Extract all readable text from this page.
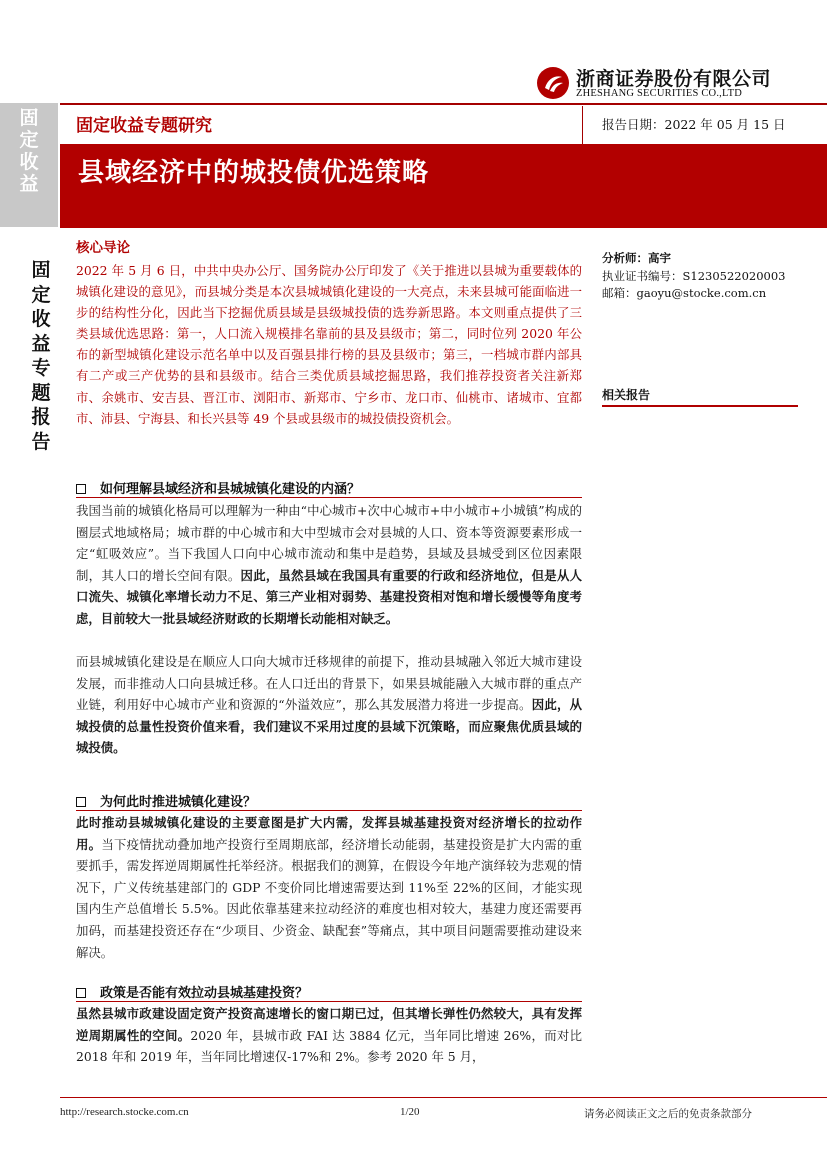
浙商证券股份有限公司
ZHESHANG SECURITIES CO.,LTD
固
定
收
益
固定收益专题研究	报告日期：2022 年 05 月 15 日
县域经济中的城投债优选策略
固
定
收
益
专
题
报
告
核心导论
2022 年 5 月 6 日，中共中央办公厅、国务院办公厅印发了《关于推进以县城为重要载体的城镇化建设的意见》，而县城分类是本次县城城镇化建设的一大亮点，未来县城可能面临进一步的结构性分化，因此当下挖掘优质县域是县级城投债的选券新思路。本文则重点提供了三类县域优选思路：第一，人口流入规模排名靠前的县及县级市；第二，同时位列 2020 年公布的新型城镇化建设示范名单中以及百强县排行榜的县及县级市；第三，一档城市群内部具有二产或三产优势的县和县级市。结合三类优质县域挖掘思路，我们推荐投资者关注新郑市、余姚市、安吉县、晋江市、浏阳市、新郑市、宁乡市、龙口市、仙桃市、诸城市、宜都市、沛县、宁海县、和长兴县等 49 个县或县级市的城投债投资机会。
如何理解县域经济和县城城镇化建设的内涵？
我国当前的城镇化格局可以理解为一种由“中心城市+次中心城市+中小城市+小城镇”构成的圈层式地域格局；城市群的中心城市和大中型城市会对县城的人口、资本等资源要素形成一定“虹吸效应”。当下我国人口向中心城市流动和集中是趋势，县域及县城受到区位因素限制，其人口的增长空间有限。因此，虽然县域在我国具有重要的行政和经济地位，但是从人口流失、城镇化率增长动力不足、第三产业相对弱势、基建投资相对饱和增长缓慢等角度考虑，目前较大一批县域经济财政的长期增长动能相对缺乏。
而县城城镇化建设是在顺应人口向大城市迁移规律的前提下，推动县城融入邻近大城市建设发展，而非推动人口向县城迁移。在人口迁出的背景下，如果县城能融入大城市群的重点产业链，利用好中心城市产业和资源的“外溢效应”，那么其发展潜力将进一步提高。因此，从城投债的总量性投资价值来看，我们建议不采用过度的县域下沉策略，而应聚焦优质县域的城投债。
为何此时推进城镇化建设？
此时推动县城城镇化建设的主要意图是扩大内需，发挥县城基建投资对经济增长的拉动作用。当下疫情扰动叠加地产投资行至周期底部，经济增长动能弱，基建投资是扩大内需的重要抓手，需发挥逆周期属性托举经济。根据我们的测算，在假设今年地产演绎较为悲观的情况下，广义传统基建部门的 GDP 不变价同比增速需要达到 11%至 22%的区间，才能实现国内生产总值增长 5.5%。因此依靠基建来拉动经济的难度也相对较大，基建力度还需要再加码，而基建投资还存在“少项目、少资金、缺配套”等痛点，其中项目问题需要推动建设来解决。
政策是否能有效拉动县城基建投资？
虽然县城市政建设固定资产投资高速增长的窗口期已过，但其增长弹性仍然较大，具有发挥逆周期属性的空间。2020 年，县城市政 FAI 达 3884 亿元，当年同比增速 26%，而对比 2018 年和 2019 年，当年同比增速仅-17%和 2%。参考 2020 年 5 月，
分析师：高宇
执业证书编号：S1230522020003
邮箱：gaoyu@stocke.com.cn
相关报告
http://research.stocke.com.cn	1/20	请务必阅读正文之后的免责条款部分
